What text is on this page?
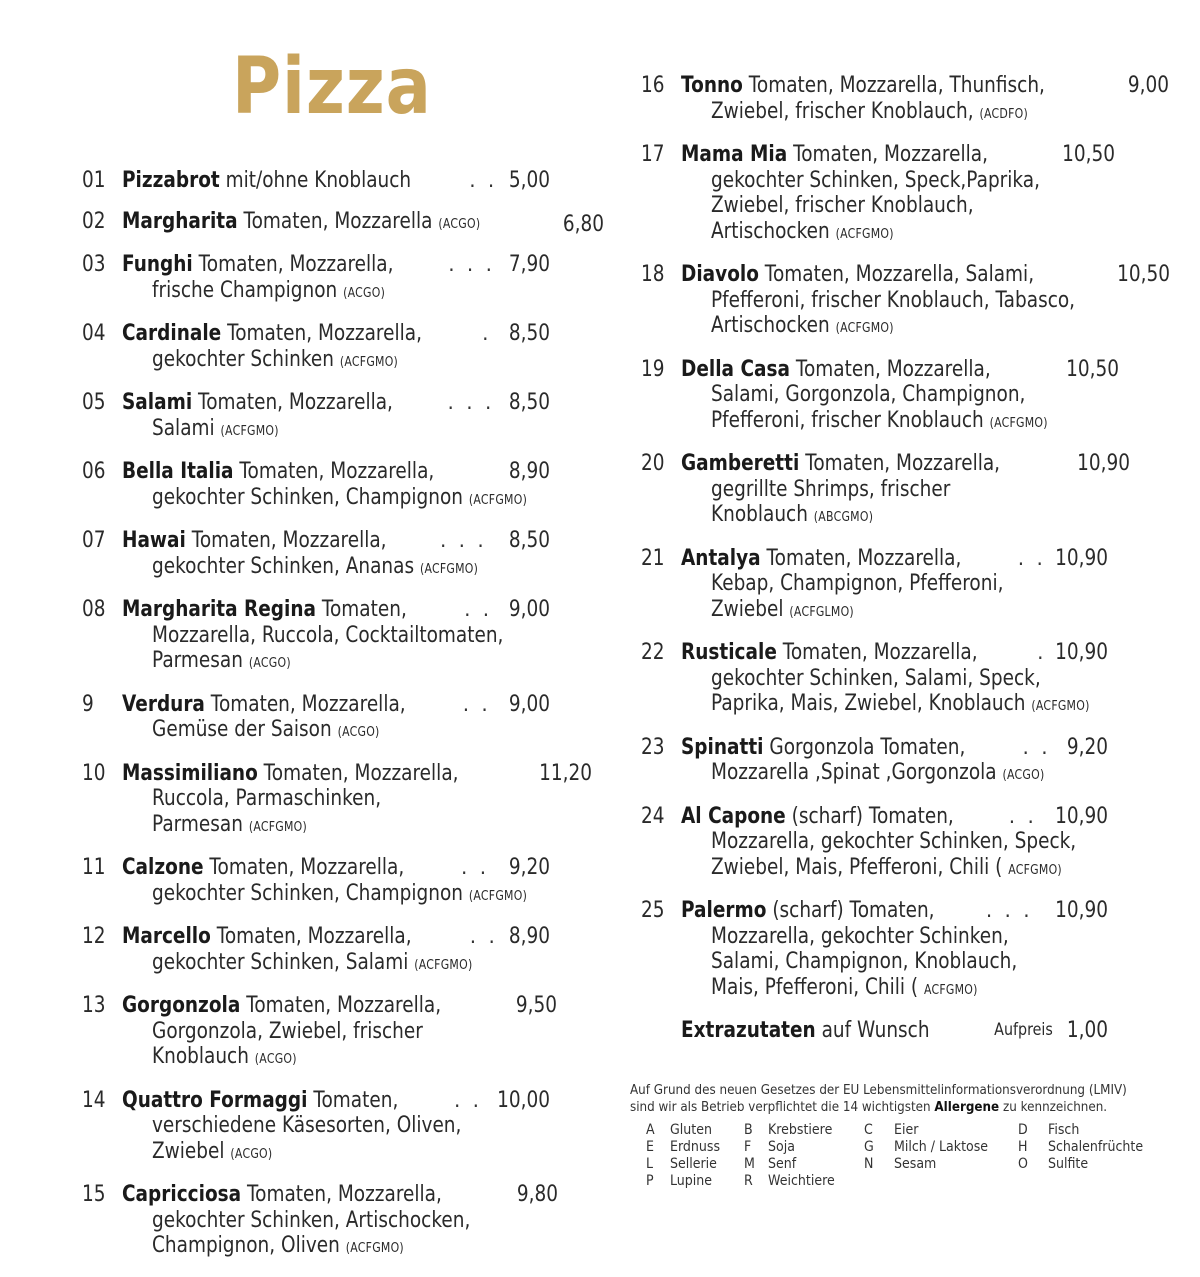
Pizza
01 Pizzabrot mit/ohne Knoblauch . . .	5,00
02 Margharita Tomaten, Mozzarella (ACGO)	6,80
03 Funghi Tomaten, Mozzarella, . . .	7,90
frische Champignon (ACGO)
04 Cardinale Tomaten, Mozzarella, . . .	8,50
gekochter Schinken (ACFGMO)
05 Salami Tomaten, Mozzarella, . . .	8,50
Salami (ACFGMO)
06 Bella Italia Tomaten, Mozzarella, . . .	8,90
gekochter Schinken, Champignon (ACFGMO)
07 Hawai Tomaten, Mozzarella, . . .	8,50
gekochter Schinken, Ananas (ACFGMO)
08 Margharita Regina Tomaten, . . .	9,00
Mozzarella, Ruccola, Cocktailtomaten,
Parmesan (ACGO)
9	Verdura Tomaten, Mozzarella, . . .	9,00
Gemüse der Saison (ACGO)
10 Massimiliano Tomaten, Mozzarella,	11,20
Ruccola, Parmaschinken,
Parmesan (ACFGMO)
11 Calzone Tomaten, Mozzarella, . . .	9,20
gekochter Schinken, Champignon (ACFGMO)
12 Marcello Tomaten, Mozzarella, . . .	8,90
gekochter Schinken, Salami (ACFGMO)
13 Gorgonzola Tomaten, Mozzarella,	9,50
Gorgonzola, Zwiebel, frischer
Knoblauch (ACGO)
14 Quattro Formaggi Tomaten, . . .	10,00
verschiedene Käsesorten, Oliven,
Zwiebel (ACGO)
15 Capricciosa Tomaten, Mozzarella,	9,80
gekochter Schinken, Artischocken,
Champignon, Oliven (ACFGMO)
16 Tonno Tomaten, Mozzarella, Thunfisch,	9,00
Zwiebel, frischer Knoblauch, (ACDFO)
17 Mama Mia Tomaten, Mozzarella,	10,50
gekochter Schinken, Speck,Paprika,
Zwiebel, frischer Knoblauch,
Artischocken (ACFGMO)
18 Diavolo Tomaten, Mozzarella, Salami,	10,50
Pfefferoni, frischer Knoblauch, Tabasco,
Artischocken (ACFGMO)
19 Della Casa Tomaten, Mozzarella,	10,50
Salami, Gorgonzola, Champignon,
Pfefferoni, frischer Knoblauch (ACFGMO)
20 Gamberetti Tomaten, Mozzarella,	10,90
gegrillte Shrimps, frischer
Knoblauch (ABCGMO)
21 Antalya Tomaten, Mozzarella, . . .	10,90
Kebap, Champignon, Pfefferoni,
Zwiebel (ACFGLMO)
22 Rusticale Tomaten, Mozzarella, . . .	10,90
gekochter Schinken, Salami, Speck,
Paprika, Mais, Zwiebel, Knoblauch (ACFGMO)
23 Spinatti Gorgonzola Tomaten, . . .	9,20
Mozzarella ,Spinat ,Gorgonzola (ACGO)
24 Al Capone (scharf) Tomaten, . . .	10,90
Mozzarella, gekochter Schinken, Speck,
Zwiebel, Mais, Pfefferoni, Chili ( ACFGMO)
25 Palermo (scharf) Tomaten, . . .	10,90
Mozzarella, gekochter Schinken,
Salami, Champignon, Knoblauch,
Mais, Pfefferoni, Chili ( ACFGMO)
Extrazutaten auf Wunsch . . .	Aufpreis 1,00
Auf Grund des neuen Gesetzes der EU Lebensmittelinformationsverordnung (LMIV)
sind wir als Betrieb verpflichtet die 14 wichtigsten Allergene zu kennzeichnen.
A	Gluten	B	Krebstiere	C	Eier	D	Fisch
E	Erdnuss	F	Soja	G	Milch / Laktose	H	Schalenfrüchte
L	Sellerie	M Senf	N	Sesam	O	Sulfite
P	Lupine	R	Weichtiere
